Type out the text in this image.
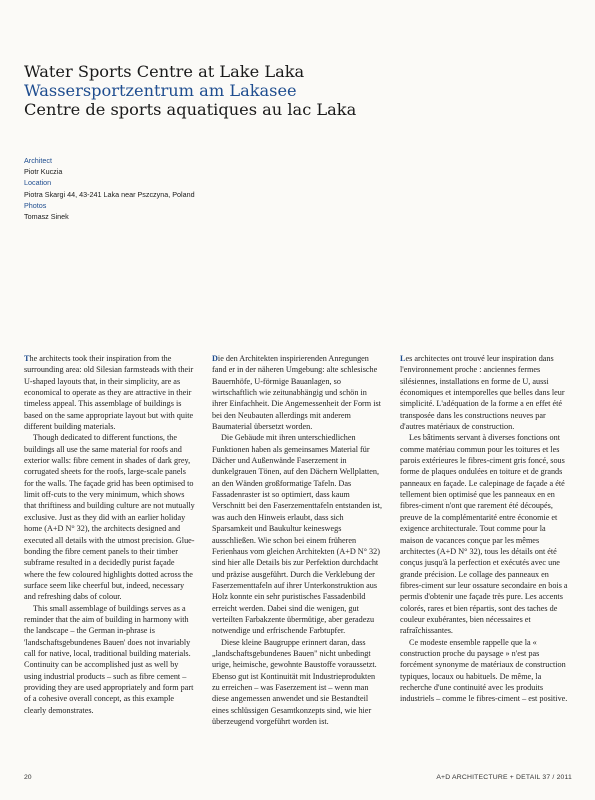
Water Sports Centre at Lake Laka
Wassersportzentrum am Lakasee
Centre de sports aquatiques au lac Laka
Architect
Piotr Kuczia
Location
Piotra Skargi 44, 43-241 Laka near Pszczyna, Poland
Photos
Tomasz Sinek

The architects took their inspiration from the surrounding area: old Silesian farmsteads with their U-shaped layouts that, in their simplicity, are as economical to operate as they are attractive in their timeless appeal. This assemblage of buildings is based on the same appropriate layout but with quite different building materials.

Though dedicated to different functions, the buildings all use the same material for roofs and exterior walls: fibre cement in shades of dark grey, corrugated sheets for the roofs, large-scale panels for the walls. The façade grid has been optimised to limit off-cuts to the very minimum, which shows that thriftiness and building culture are not mutually exclusive. Just as they did with an earlier holiday home (A+D N° 32), the architects designed and executed all details with the utmost precision. Glue-bonding the fibre cement panels to their timber subframe resulted in a decidedly purist façade where the few coloured highlights dotted across the surface seem like cheerful but, indeed, necessary and refreshing dabs of colour.

This small assemblage of buildings serves as a reminder that the aim of building in harmony with the landscape – the German in-phrase is 'landschaftsgebundenes Bauen' does not invariably call for native, local, traditional building materials. Continuity can be accomplished just as well by using industrial products – such as fibre cement – providing they are used appropriately and form part of a cohesive overall concept, as this example clearly demonstrates.

Die den Architekten inspirierenden Anregungen fand er in der näheren Umgebung: alte schlesische Bauernhöfe, U-förmige Bauanlagen, so wirtschaftlich wie zeitunabhängig und schön in ihrer Einfachheit. Die Angemessenheit der Form ist bei den Neubauten allerdings mit anderem Baumaterial übersetzt worden.

Die Gebäude mit ihren unterschiedlichen Funktionen haben als gemeinsames Material für Dächer und Außenwände Faserzement in dunkelgrauen Tönen, auf den Dächern Wellplatten, an den Wänden großformatige Tafeln. Das Fassadenraster ist so optimiert, dass kaum Verschnitt bei den Faserzementtafeln entstanden ist, was auch den Hinweis erlaubt, dass sich Sparsamkeit und Baukultur keineswegs ausschließen. Wie schon bei einem früheren Ferienhaus vom gleichen Architekten (A+D N° 32) sind hier alle Details bis zur Perfektion durchdacht und präzise ausgeführt. Durch die Verklebung der Faserzementtafeln auf ihrer Unterkonstruktion aus Holz konnte ein sehr puristisches Fassadenbild erreicht werden. Dabei sind die wenigen, gut verteilten Farbakzente übermütige, aber geradezu notwendige und erfrischende Farbtupfer.

Diese kleine Baugruppe erinnert daran, dass „landschaftsgebundenes Bauen" nicht unbedingt urige, heimische, gewohnte Baustoffe voraussetzt. Ebenso gut ist Kontinuität mit Industrieprodukten zu erreichen – was Faserzement ist – wenn man diese angemessen anwendet und sie Bestandteil eines schlüssigen Gesamtkonzepts sind, wie hier überzeugend vorgeführt worden ist.

Les architectes ont trouvé leur inspiration dans l'environnement proche : anciennes fermes silésiennes, installations en forme de U, aussi économiques et intemporelles que belles dans leur simplicité. L'adéquation de la forme a en effet été transposée dans les constructions neuves par d'autres matériaux de construction.

Les bâtiments servant à diverses fonctions ont comme matériau commun pour les toitures et les parois extérieures le fibres-ciment gris foncé, sous forme de plaques ondulées en toiture et de grands panneaux en façade. Le calepinage de façade a été tellement bien optimisé que les panneaux en en fibres-ciment n'ont que rarement été découpés, preuve de la complémentarité entre économie et exigence architecturale. Tout comme pour la maison de vacances conçue par les mêmes architectes (A+D N° 32), tous les détails ont été conçus jusqu'à la perfection et exécutés avec une grande précision. Le collage des panneaux en fibres-ciment sur leur ossature secondaire en bois a permis d'obtenir une façade très pure. Les accents colorés, rares et bien répartis, sont des taches de couleur exubérantes, bien nécessaires et rafraîchissantes.

Ce modeste ensemble rappelle que la « construction proche du paysage » n'est pas forcément synonyme de matériaux de construction typiques, locaux ou habituels. De même, la recherche d'une continuité avec les produits industriels – comme le fibres-ciment – est positive.

20	A+D ARCHITECTURE + DETAIL 37 / 2011
